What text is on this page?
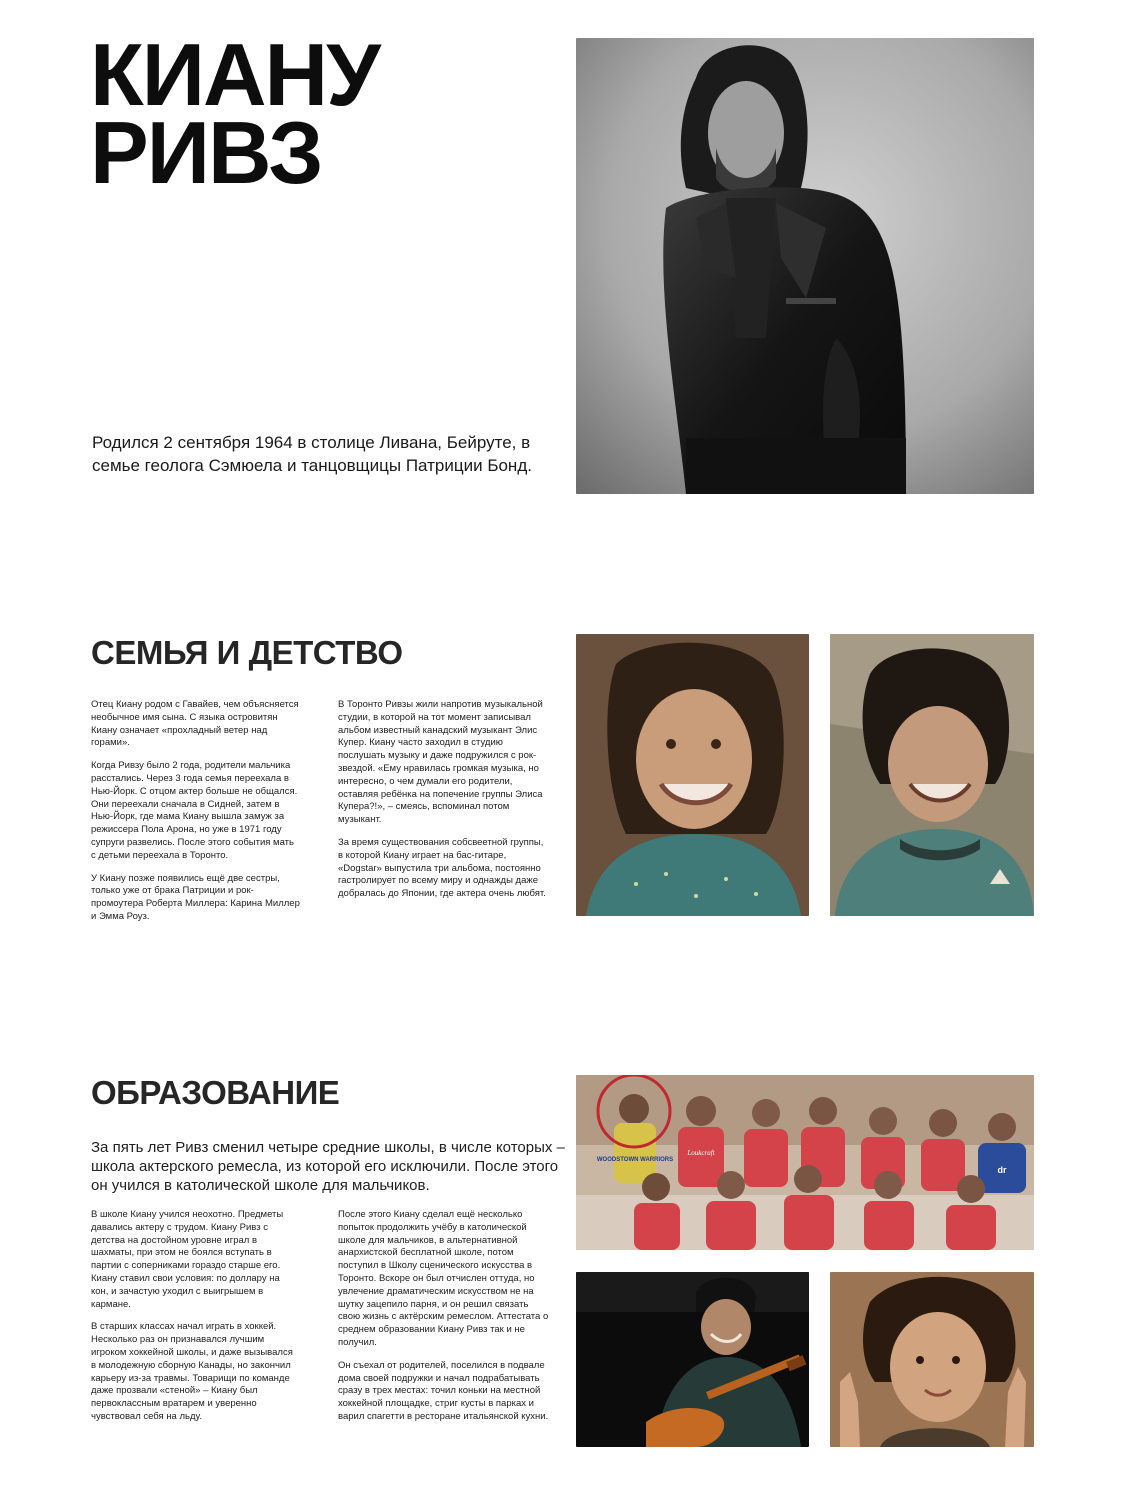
КИАНУ
РИВЗ

Родился 2 сентября 1964 в столице Ливана, Бейруте, в семье геолога Сэмюела и танцовщицы Патриции Бонд.

СЕМЬЯ И ДЕТСТВО

Отец Киану родом с Гавайев, чем объясняется необычное имя сына. С языка островитян Киану означает «прохладный ветер над горами».

Когда Ривзу было 2 года, родители мальчика расстались. Через 3 года семья переехала в Нью-Йорк. С отцом актер больше не общался. Они переехали сначала в Сидней, затем в Нью-Йорк, где мама Киану вышла замуж за режиссера Пола Арона, но уже в 1971 году супруги развелись. После этого события мать с детьми переехала в Торонто.

У Киану позже появились ещё две сестры, только уже от брака Патриции и рок-промоутера Роберта Миллера: Карина Миллер и Эмма Роуз.

В Торонто Ривзы жили напротив музыкальной студии, в которой на тот момент записывал альбом известный канадский музыкант Элис Купер. Киану часто заходил в студию послушать музыку и даже подружился с рок-звездой. «Ему нравилась громкая музыка, но интересно, о чем думали его родители, оставляя ребёнка на попечение группы Элиса Купера?!», – смеясь, вспоминал потом музыкант.

За время существования собсвеетной группы, в которой Киану играет на бас-гитаре, «Dogstar» выпустила три альбома, постоянно гастролирует по всему миру и однажды даже добралась до Японии, где актера очень любят.

ОБРАЗОВАНИЕ

За пять лет Ривз сменил четыре средние школы, в числе которых – школа актерского ремесла, из которой его исключили. После этого он учился в католической школе для мальчиков.

В школе Киану учился неохотно. Предметы давались актеру с трудом. Киану Ривз с детства на достойном уровне играл в шахматы, при этом не боялся вступать в партии с соперниками гораздо старше его. Киану ставил свои условия: по доллару на кон, и зачастую уходил с выигрышем в кармане.

В старших классах начал играть в хоккей. Несколько раз он признавался лучшим игроком хоккейной школы, и даже вызывался в молодежную сборную Канады, но закончил карьеру из-за травмы. Товарищи по команде даже прозвали «стеной» – Киану был первоклассным вратарем и уверенно чувствовал себя на льду.

После этого Киану сделал ещё несколько попыток продолжить учёбу в католической школе для мальчиков, в альтернативной анархистской бесплатной школе, потом поступил в Школу сценического искусства в Торонто. Вскоре он был отчислен оттуда, но увлечение драматическим искусством не на шутку зацепило парня, и он решил связать свою жизнь с актёрским ремеслом. Аттестата о среднем образовании Киану Ривз так и не получил.

Он съехал от родителей, поселился в подвале дома своей подружки и начал подрабатывать сразу в трех местах: точил коньки на местной хоккейной площадке, стриг кусты в парках и варил спагетти в ресторане итальянской кухни.

WOODSTOWN WARRIORS
dr
Loukcraft
